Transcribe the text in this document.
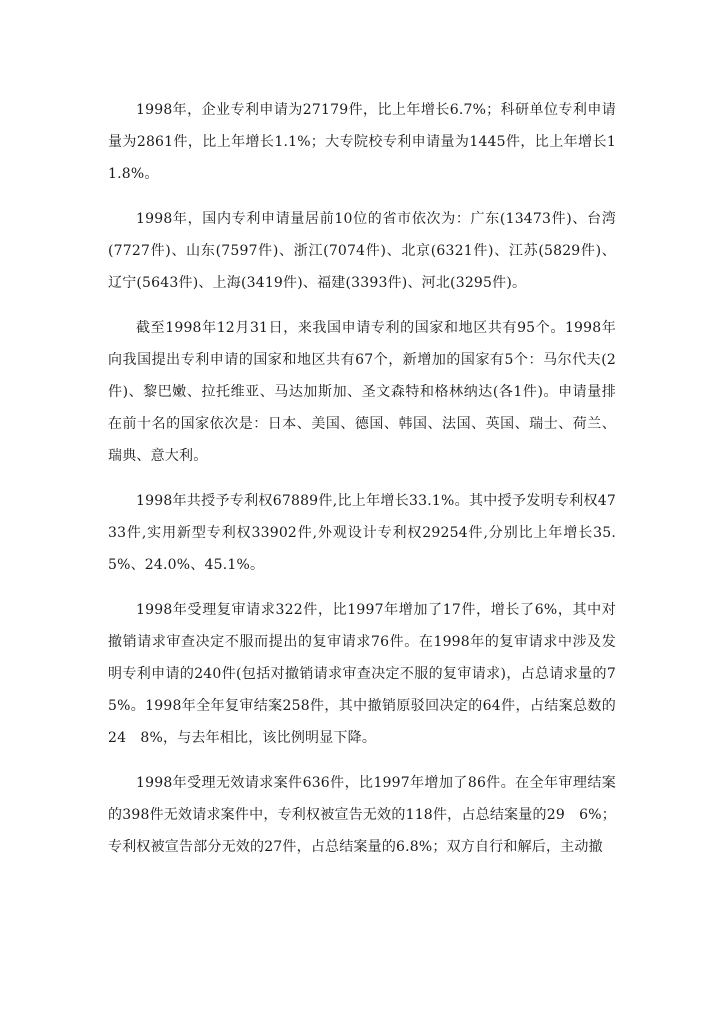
1998年，企业专利申请为27179件，比上年增长6.7%；科研单位专利申请量为2861件，比上年增长1.1%；大专院校专利申请量为1445件，比上年增长11.8%。

1998年，国内专利申请量居前10位的省市依次为：广东(13473件)、台湾(7727件)、山东(7597件)、浙江(7074件)、北京(6321件)、江苏(5829件)、辽宁(5643件)、上海(3419件)、福建(3393件)、河北(3295件)。

截至1998年12月31日，来我国申请专利的国家和地区共有95个。1998年向我国提出专利申请的国家和地区共有67个，新增加的国家有5个：马尔代夫(2件)、黎巴嫩、拉托维亚、马达加斯加、圣文森特和格林纳达(各1件)。申请量排在前十名的国家依次是：日本、美国、德国、韩国、法国、英国、瑞士、荷兰、瑞典、意大利。

1998年共授予专利权67889件,比上年增长33.1%。其中授予发明专利权4733件,实用新型专利权33902件,外观设计专利权29254件,分别比上年增长35.5%、24.0%、45.1%。

1998年受理复审请求322件，比1997年增加了17件，增长了6%，其中对撤销请求审查决定不服而提出的复审请求76件。在1998年的复审请求中涉及发明专利申请的240件(包括对撤销请求审查决定不服的复审请求)，占总请求量的75%。1998年全年复审结案258件，其中撤销原驳回决定的64件，占结案总数的24　8%，与去年相比，该比例明显下降。

1998年受理无效请求案件636件，比1997年增加了86件。在全年审理结案的398件无效请求案件中，专利权被宣告无效的118件，占总结案量的29　6%；专利权被宣告部分无效的27件，占总结案量的6.8%；双方自行和解后，主动撤
